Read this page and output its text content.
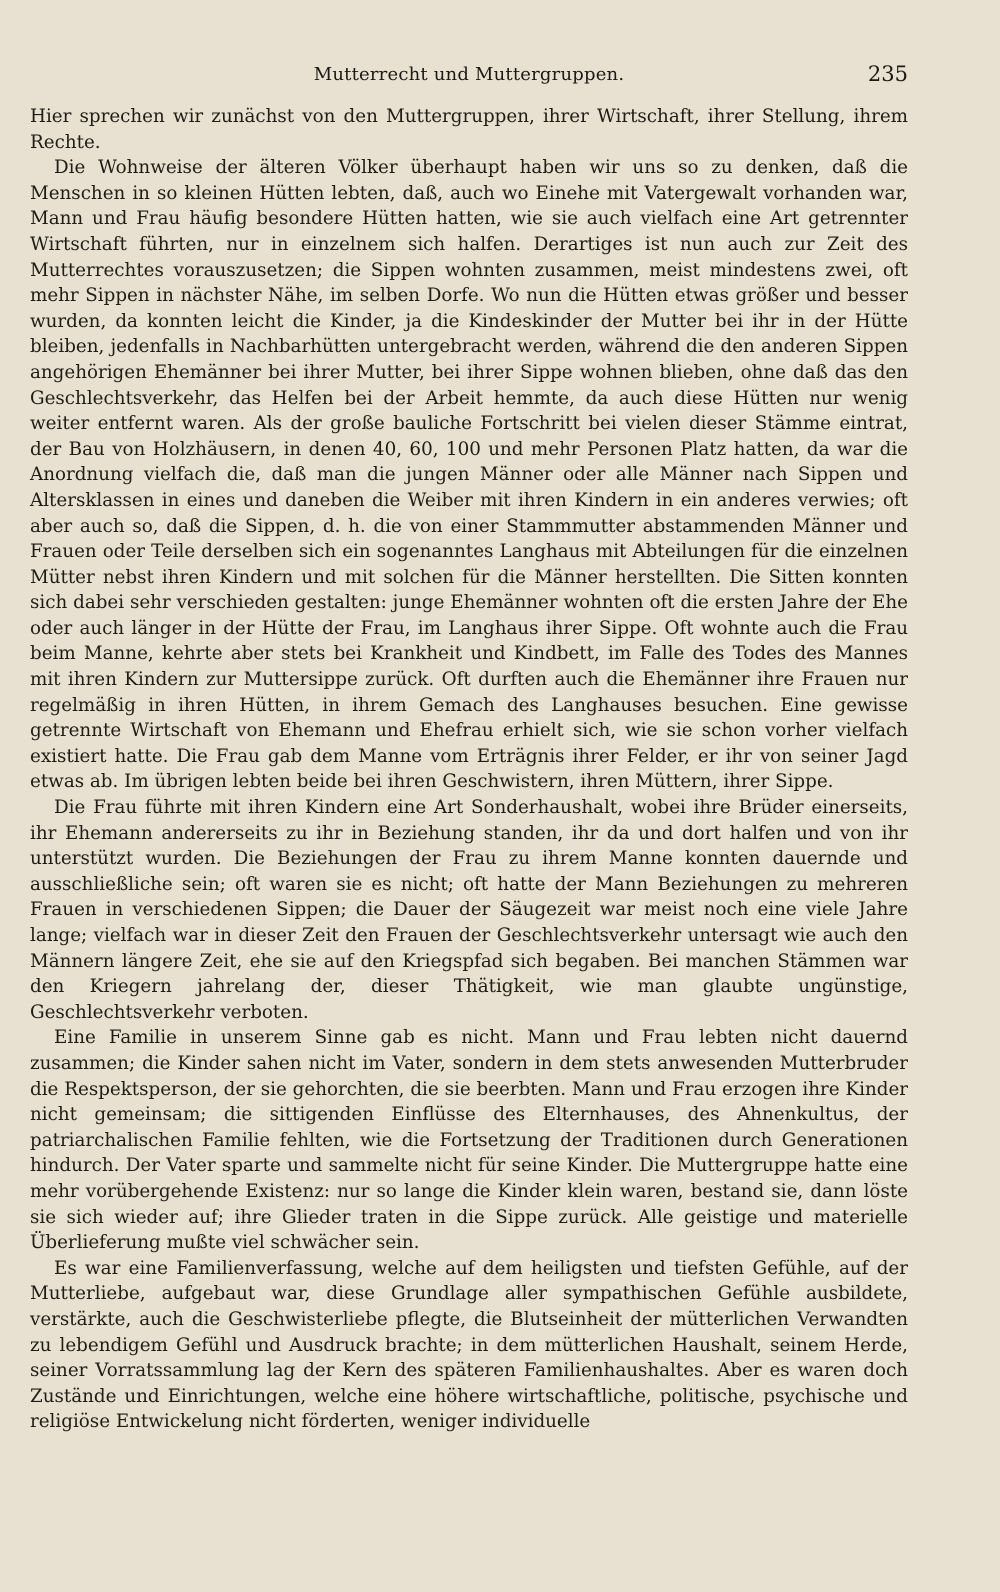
Mutterrecht und Muttergruppen.	235

Hier sprechen wir zunächst von den Muttergruppen, ihrer Wirtschaft, ihrer Stellung, ihrem Rechte.

Die Wohnweise der älteren Völker überhaupt haben wir uns so zu denken, daß die Menschen in so kleinen Hütten lebten, daß, auch wo Einehe mit Vatergewalt vorhanden war, Mann und Frau häufig besondere Hütten hatten, wie sie auch vielfach eine Art getrennter Wirtschaft führten, nur in einzelnem sich halfen. Derartiges ist nun auch zur Zeit des Mutterrechtes vorauszusetzen; die Sippen wohnten zusammen, meist mindestens zwei, oft mehr Sippen in nächster Nähe, im selben Dorfe. Wo nun die Hütten etwas größer und besser wurden, da konnten leicht die Kinder, ja die Kindeskinder der Mutter bei ihr in der Hütte bleiben, jedenfalls in Nachbarhütten untergebracht werden, während die den anderen Sippen angehörigen Ehemänner bei ihrer Mutter, bei ihrer Sippe wohnen blieben, ohne daß das den Geschlechtsverkehr, das Helfen bei der Arbeit hemmte, da auch diese Hütten nur wenig weiter entfernt waren. Als der große bauliche Fortschritt bei vielen dieser Stämme eintrat, der Bau von Holzhäusern, in denen 40, 60, 100 und mehr Personen Platz hatten, da war die Anordnung vielfach die, daß man die jungen Männer oder alle Männer nach Sippen und Altersklassen in eines und daneben die Weiber mit ihren Kindern in ein anderes verwies; oft aber auch so, daß die Sippen, d. h. die von einer Stammmutter abstammenden Männer und Frauen oder Teile derselben sich ein sogenanntes Langhaus mit Abteilungen für die einzelnen Mütter nebst ihren Kindern und mit solchen für die Männer herstellten. Die Sitten konnten sich dabei sehr verschieden gestalten: junge Ehemänner wohnten oft die ersten Jahre der Ehe oder auch länger in der Hütte der Frau, im Langhaus ihrer Sippe. Oft wohnte auch die Frau beim Manne, kehrte aber stets bei Krankheit und Kindbett, im Falle des Todes des Mannes mit ihren Kindern zur Muttersippe zurück. Oft durften auch die Ehemänner ihre Frauen nur regelmäßig in ihren Hütten, in ihrem Gemach des Langhauses besuchen. Eine gewisse getrennte Wirtschaft von Ehemann und Ehefrau erhielt sich, wie sie schon vorher vielfach existiert hatte. Die Frau gab dem Manne vom Erträgnis ihrer Felder, er ihr von seiner Jagd etwas ab. Im übrigen lebten beide bei ihren Geschwistern, ihren Müttern, ihrer Sippe.

Die Frau führte mit ihren Kindern eine Art Sonderhaushalt, wobei ihre Brüder einerseits, ihr Ehemann andererseits zu ihr in Beziehung standen, ihr da und dort halfen und von ihr unterstützt wurden. Die Beziehungen der Frau zu ihrem Manne konnten dauernde und ausschließliche sein; oft waren sie es nicht; oft hatte der Mann Beziehungen zu mehreren Frauen in verschiedenen Sippen; die Dauer der Säugezeit war meist noch eine viele Jahre lange; vielfach war in dieser Zeit den Frauen der Geschlechtsverkehr untersagt wie auch den Männern längere Zeit, ehe sie auf den Kriegspfad sich begaben. Bei manchen Stämmen war den Kriegern jahrelang der, dieser Thätigkeit, wie man glaubte ungünstige, Geschlechtsverkehr verboten.

Eine Familie in unserem Sinne gab es nicht. Mann und Frau lebten nicht dauernd zusammen; die Kinder sahen nicht im Vater, sondern in dem stets anwesenden Mutterbruder die Respektsperson, der sie gehorchten, die sie beerbten. Mann und Frau erzogen ihre Kinder nicht gemeinsam; die sittigenden Einflüsse des Elternhauses, des Ahnenkultus, der patriarchalischen Familie fehlten, wie die Fortsetzung der Traditionen durch Generationen hindurch. Der Vater sparte und sammelte nicht für seine Kinder. Die Muttergruppe hatte eine mehr vorübergehende Existenz: nur so lange die Kinder klein waren, bestand sie, dann löste sie sich wieder auf; ihre Glieder traten in die Sippe zurück. Alle geistige und materielle Überlieferung mußte viel schwächer sein.

Es war eine Familienverfassung, welche auf dem heiligsten und tiefsten Gefühle, auf der Mutterliebe, aufgebaut war, diese Grundlage aller sympathischen Gefühle ausbildete, verstärkte, auch die Geschwisterliebe pflegte, die Blutseinheit der mütterlichen Verwandten zu lebendigem Gefühl und Ausdruck brachte; in dem mütterlichen Haushalt, seinem Herde, seiner Vorratssammlung lag der Kern des späteren Familienhaushaltes. Aber es waren doch Zustände und Einrichtungen, welche eine höhere wirtschaftliche, politische, psychische und religiöse Entwickelung nicht förderten, weniger individuelle
